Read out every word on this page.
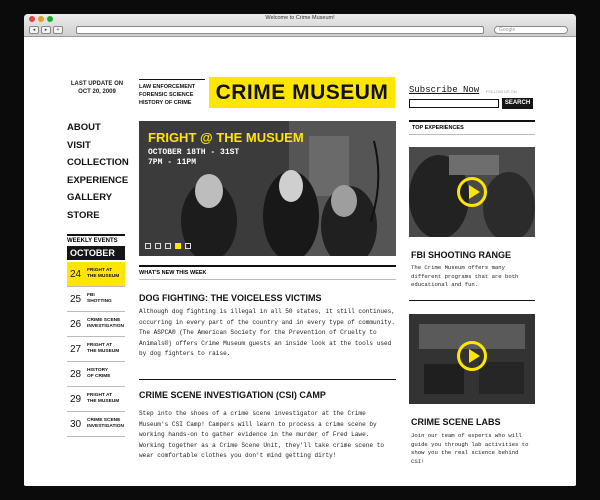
Welcome to Crime Museum!
◂	▸	+	Google
LAST UPDATE ON
OCT 20, 2009
ABOUT
VISIT
COLLECTION
EXPERIENCE
GALLERY
STORE
WEEKLY EVENTS
OCTOBER
24	FRIGHT AT
THE MUSEUM
25	FBI
SHOTTING
26	CRIME SCENE
INVESTIGATION
27	FRIGHT AT
THE MUSEUM
28	HISTORY
OF CRIME
29	FRIGHT AT
THE MUSEUM
30	CRIME SCENE
INVESTIGATION
LAW ENFORCEMENT
FORENSIC SCIENCE
HISTORY OF CRIME	CRIME MUSEUM
FRIGHT @ THE MUSUEM
OCTOBER 18TH - 31ST
7PM - 11PM
WHAT'S NEW THIS WEEK
DOG FIGHTING: THE VOICELESS VICTIMS
Although dog fighting is illegal in all 50 states, it still continues, occurring in every part of the country and in every type of community. The ASPCA® (The American Society for the Prevention of Cruelty to Animals®) offers Crime Museum guests an inside look at the tools used by dog fighters to raise.
CRIME SCENE INVESTIGATION (CSI) CAMP
Step into the shoes of a crime scene investigator at the Crime Museum's CSI Camp! Campers will learn to process a crime scene by working hands-on to gather evidence in the murder of Fred Lawe. Working together as a Crime Scene Unit, they'll take crime scene to wear comfortable clothes you don't mind getting dirty!
Subscribe Now FOLLOW US ON
SEARCH
TOP EXPERIENCES
FBI SHOOTING RANGE
The Crime Museum offers many different programs that are both educational and fun.
CRIME SCENE LABS
Join our team of experts who will guide you through lab activities to show you the real science behind CSI!
